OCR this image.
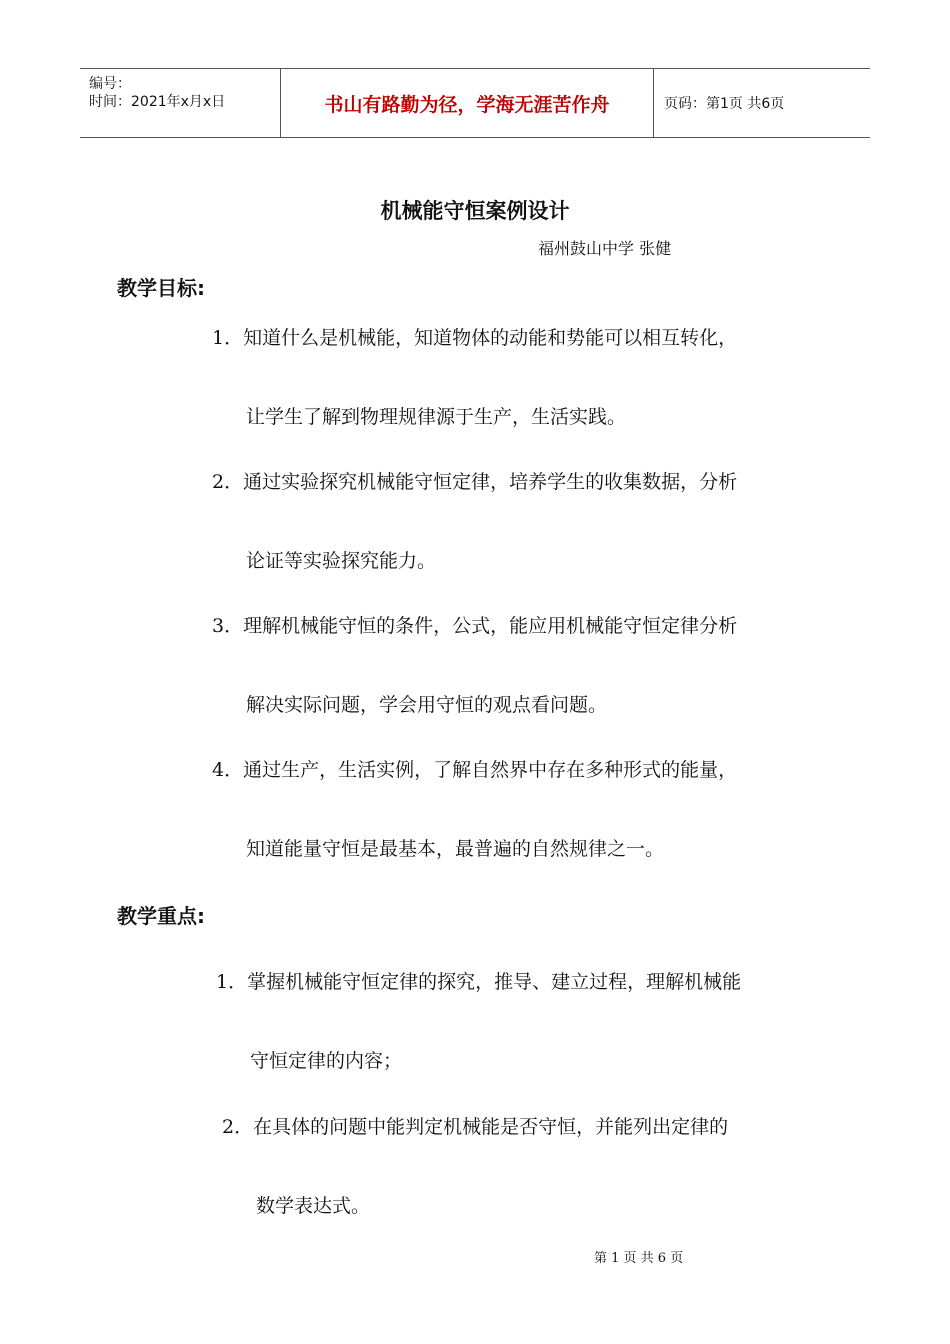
编号：
时间：2021年x月x日	书山有路勤为径，学海无涯苦作舟	页码：第1页 共6页
机械能守恒案例设计
福州鼓山中学 张健
教学目标:
1．知道什么是机械能，知道物体的动能和势能可以相互转化，
让学生了解到物理规律源于生产，生活实践。
2．通过实验探究机械能守恒定律，培养学生的收集数据，分析
论证等实验探究能力。
3．理解机械能守恒的条件，公式，能应用机械能守恒定律分析
解决实际问题，学会用守恒的观点看问题。
4．通过生产，生活实例，了解自然界中存在多种形式的能量，
知道能量守恒是最基本，最普遍的自然规律之一。
教学重点:
1．掌握机械能守恒定律的探究，推导、建立过程，理解机械能
守恒定律的内容；
2．在具体的问题中能判定机械能是否守恒，并能列出定律的
数学表达式。
第 1 页 共 6 页
